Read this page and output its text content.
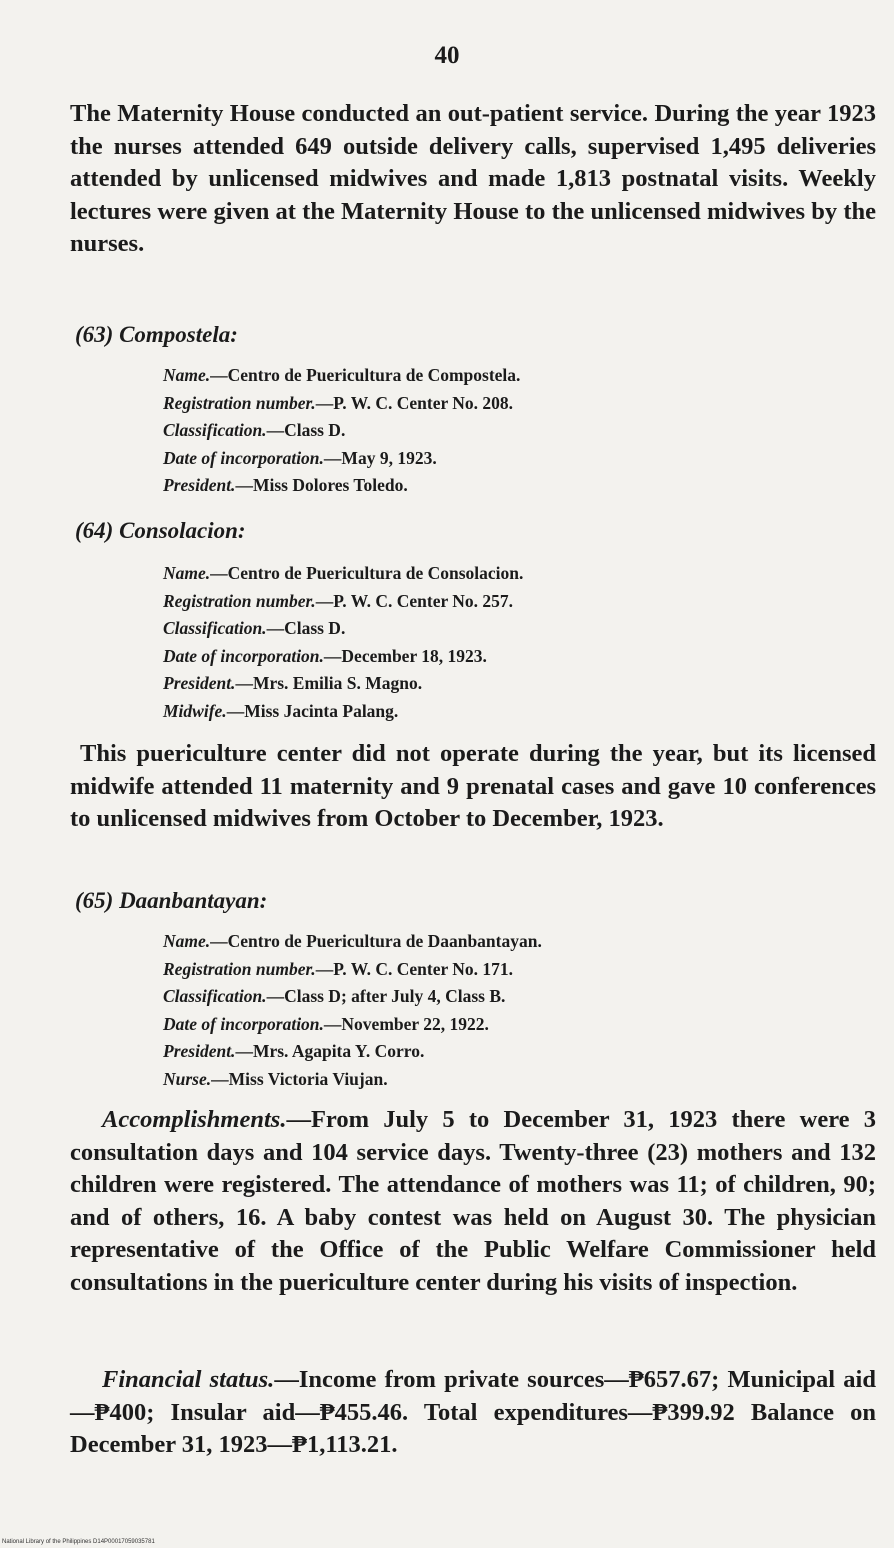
40

The Maternity House conducted an out-patient service. During the year 1923 the nurses attended 649 outside delivery calls, supervised 1,495 deliveries attended by unlicensed midwives and made 1,813 postnatal visits. Weekly lectures were given at the Maternity House to the unlicensed midwives by the nurses.

(63) Compostela:
Name.—Centro de Puericultura de Compostela.
Registration number.—P. W. C. Center No. 208.
Classification.—Class D.
Date of incorporation.—May 9, 1923.
President.—Miss Dolores Toledo.
(64) Consolacion:
Name.—Centro de Puericultura de Consolacion.
Registration number.—P. W. C. Center No. 257.
Classification.—Class D.
Date of incorporation.—December 18, 1923.
President.—Mrs. Emilia S. Magno.
Midwife.—Miss Jacinta Palang.

This puericulture center did not operate during the year, but its licensed midwife attended 11 maternity and 9 prenatal cases and gave 10 conferences to unlicensed midwives from October to December, 1923.

(65) Daanbantayan:
Name.—Centro de Puericultura de Daanbantayan.
Registration number.—P. W. C. Center No. 171.
Classification.—Class D; after July 4, Class B.
Date of incorporation.—November 22, 1922.
President.—Mrs. Agapita Y. Corro.
Nurse.—Miss Victoria Viujan.

Accomplishments.—From July 5 to December 31, 1923 there were 3 consultation days and 104 service days. Twenty-three (23) mothers and 132 children were registered. The attendance of mothers was 11; of children, 90; and of others, 16. A baby contest was held on August 30. The physician representative of the Office of the Public Welfare Commissioner held consultations in the puericulture center during his visits of inspection.

Financial status.—Income from private sources—₱657.67; Municipal aid—₱400; Insular aid—₱455.46. Total expenditures—₱399.92 Balance on December 31, 1923—₱1,113.21.

National Library of the Philippines D14P00017059035781
